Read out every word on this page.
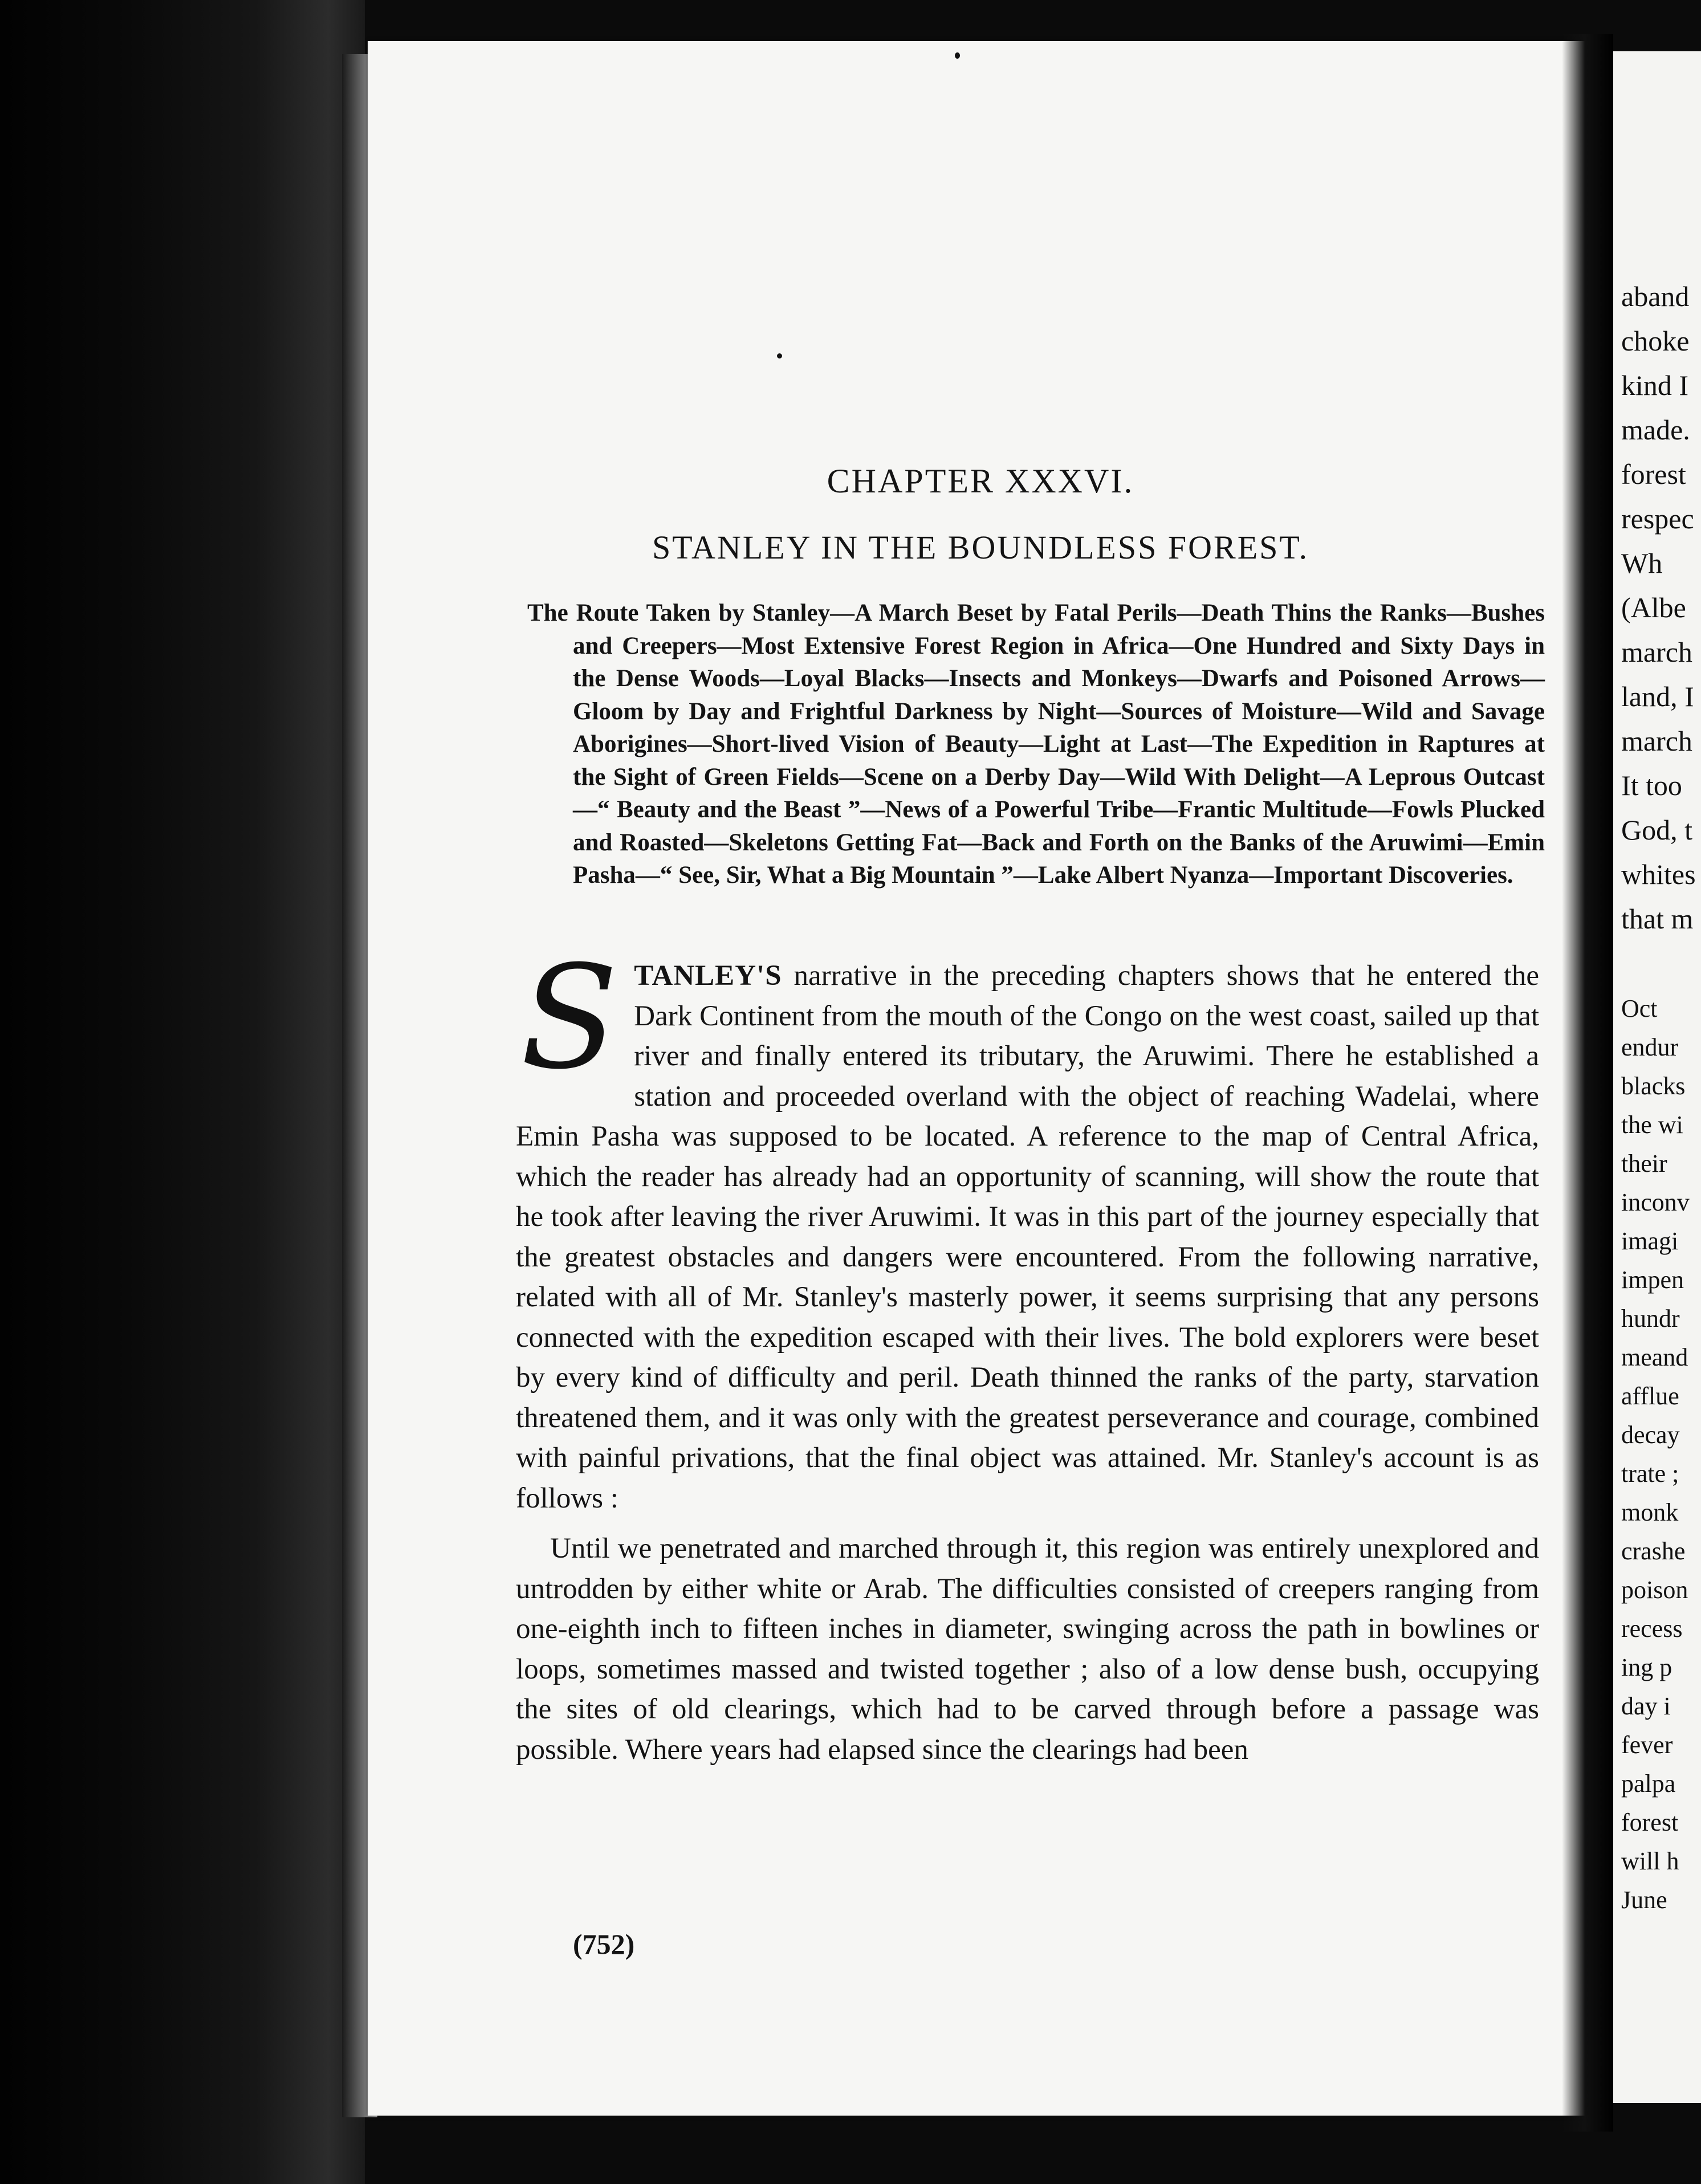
CHAPTER XXXVI.
STANLEY IN THE BOUNDLESS FOREST.
The Route Taken by Stanley—A March Beset by Fatal Perils—Death Thins the Ranks—Bushes and Creepers—Most Extensive Forest Region in Africa—One Hundred and Sixty Days in the Dense Woods—Loyal Blacks—Insects and Monkeys—Dwarfs and Poisoned Arrows—Gloom by Day and Frightful Darkness by Night—Sources of Moisture—Wild and Savage Aborigines—Short-lived Vision of Beauty—Light at Last—The Expedition in Raptures at the Sight of Green Fields—Scene on a Derby Day—Wild With Delight—A Leprous Outcast—“ Beauty and the Beast ”—News of a Powerful Tribe—Frantic Multitude—Fowls Plucked and Roasted—Skeletons Getting Fat—Back and Forth on the Banks of the Aruwimi—Emin Pasha—“ See, Sir, What a Big Mountain ”—Lake Albert Nyanza—Important Discoveries.

STANLEY'S narrative in the preceding chapters shows that he entered the Dark Continent from the mouth of the Congo on the west coast, sailed up that river and finally entered its tributary, the Aruwimi. There he established a station and proceeded overland with the object of reaching Wadelai, where Emin Pasha was supposed to be located. A reference to the map of Central Africa, which the reader has already had an opportunity of scanning, will show the route that he took after leaving the river Aruwimi. It was in this part of the journey especially that the greatest obstacles and dangers were encountered. From the following narrative, related with all of Mr. Stanley's masterly power, it seems surprising that any persons connected with the expedition escaped with their lives. The bold explorers were beset by every kind of difficulty and peril. Death thinned the ranks of the party, starvation threatened them, and it was only with the greatest perseverance and courage, combined with painful privations, that the final object was attained. Mr. Stanley's account is as follows :

Until we penetrated and marched through it, this region was entirely unexplored and untrodden by either white or Arab. The difficulties consisted of creepers ranging from one-eighth inch to fifteen inches in diameter, swinging across the path in bowlines or loops, sometimes massed and twisted together ; also of a low dense bush, occupying the sites of old clearings, which had to be carved through before a passage was possible. Where years had elapsed since the clearings had been

(752)
aband
choke
kind I
made.
forest
respec
Wh
(Albe
march
land, I
march
It too
God, t
whites
that m
Oct
endur
blacks
the wi
their
inconv
imagi
impen
hundr
meand
afflue
decay
trate ;
monk
crashe
poison
recess
ing p
day i
fever
palpa
forest
will h
June
